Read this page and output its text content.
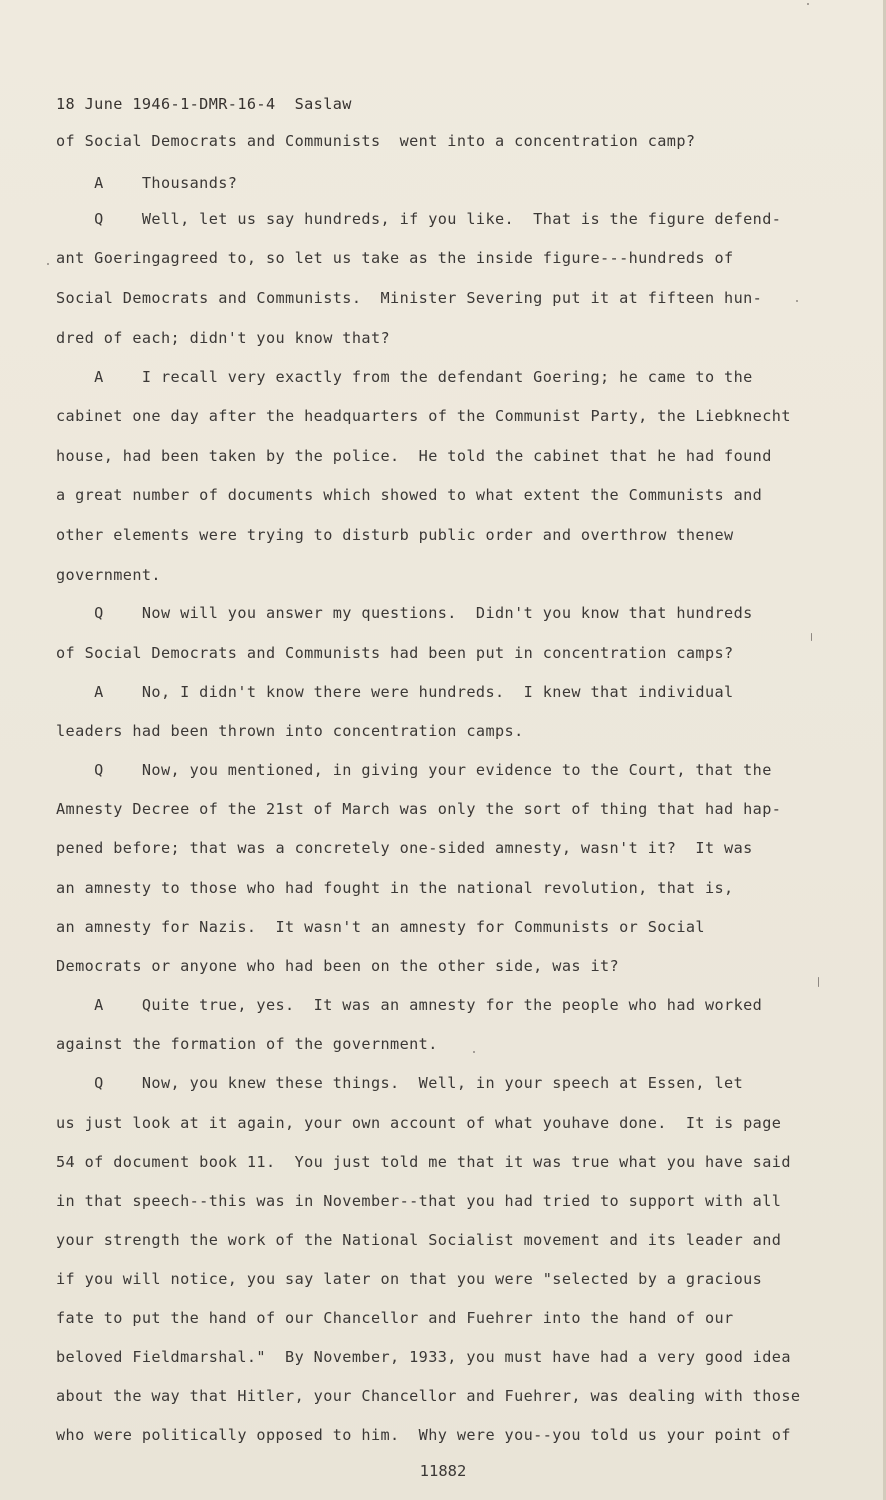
18 June 1946-1-DMR-16-4  Saslaw
of Social Democrats and Communists  went into a concentration camp?
A    Thousands?
Q    Well, let us say hundreds, if you like.  That is the figure defend-
ant Goeringagreed to, so let us take as the inside figure---hundreds of
Social Democrats and Communists.  Minister Severing put it at fifteen hun-
dred of each; didn't you know that?
A    I recall very exactly from the defendant Goering; he came to the
cabinet one day after the headquarters of the Communist Party, the Liebknecht
house, had been taken by the police.  He told the cabinet that he had found
a great number of documents which showed to what extent the Communists and
other elements were trying to disturb public order and overthrow thenew
government.
Q    Now will you answer my questions.  Didn't you know that hundreds
of Social Democrats and Communists had been put in concentration camps?
A    No, I didn't know there were hundreds.  I knew that individual
leaders had been thrown into concentration camps.
Q    Now, you mentioned, in giving your evidence to the Court, that the
Amnesty Decree of the 21st of March was only the sort of thing that had hap-
pened before; that was a concretely one-sided amnesty, wasn't it?  It was
an amnesty to those who had fought in the national revolution, that is,
an amnesty for Nazis.  It wasn't an amnesty for Communists or Social
Democrats or anyone who had been on the other side, was it?
A    Quite true, yes.  It was an amnesty for the people who had worked
against the formation of the government.
Q    Now, you knew these things.  Well, in your speech at Essen, let
us just look at it again, your own account of what youhave done.  It is page
54 of document book 11.  You just told me that it was true what you have said
in that speech--this was in November--that you had tried to support with all
your strength the work of the National Socialist movement and its leader and
if you will notice, you say later on that you were "selected by a gracious
fate to put the hand of our Chancellor and Fuehrer into the hand of our
beloved Fieldmarshal."  By November, 1933, you must have had a very good idea
about the way that Hitler, your Chancellor and Fuehrer, was dealing with those
who were politically opposed to him.  Why were you--you told us your point of
11882
